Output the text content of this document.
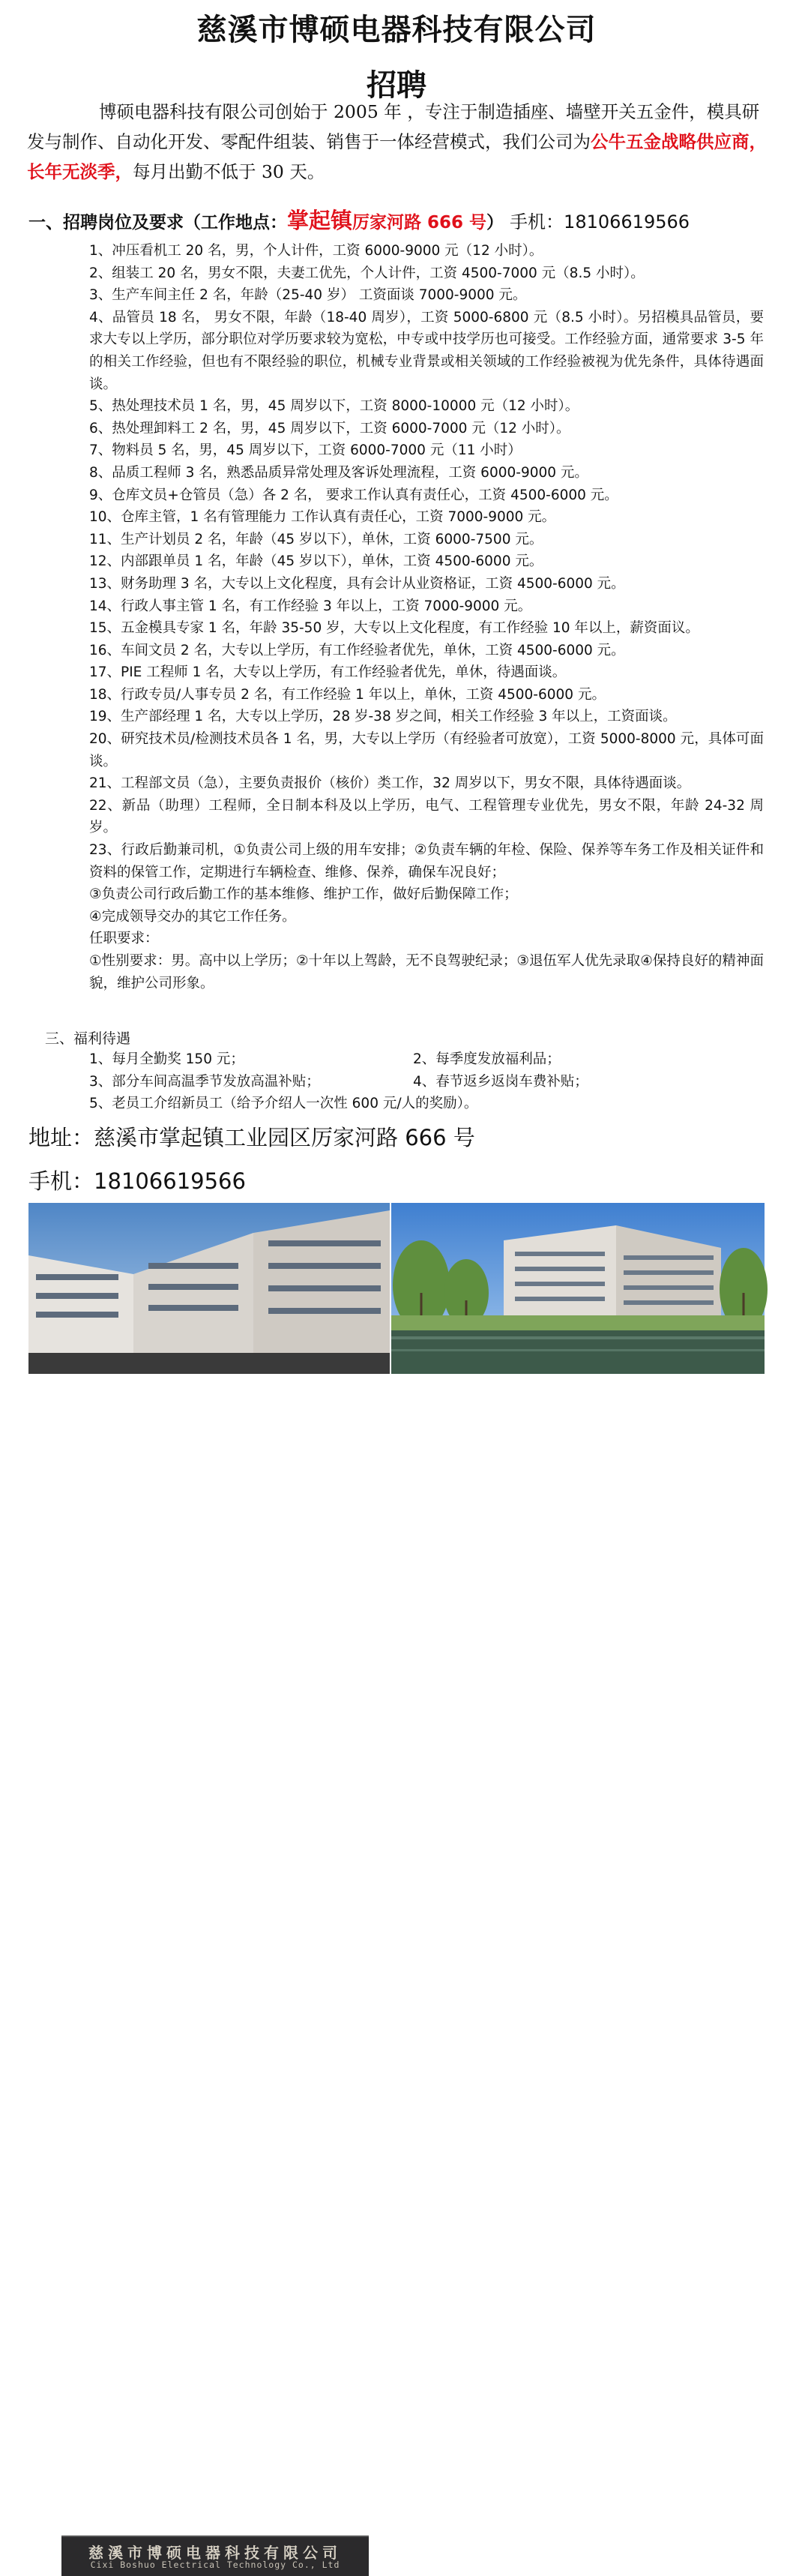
慈溪市博硕电器科技有限公司
招聘
博硕电器科技有限公司创始于 2005 年 ，专注于制造插座、墙壁开关五金件，模具研发与制作、自动化开发、零配件组装、销售于一体经营模式，我们公司为公牛五金战略供应商，长年无淡季，每月出勤不低于 30 天。
一、招聘岗位及要求（工作地点：掌起镇厉家河路 666 号） 手机：18106619566

1、冲压看机工 20 名，男，个人计件，工资 6000-9000 元（12 小时）。

2、组装工 20 名，男女不限，夫妻工优先，个人计件，工资 4500-7000 元（8.5 小时）。

3、生产车间主任 2 名，年龄（25-40 岁） 工资面谈 7000-9000 元。

4、品管员 18 名， 男女不限，年龄（18-40 周岁），工资 5000-6800 元（8.5 小时）。另招模具品管员，要求大专以上学历，部分职位对学历要求较为宽松，中专或中技学历也可接受。工作经验方面，通常要求 3-5 年的相关工作经验，但也有不限经验的职位，机械专业背景或相关领域的工作经验被视为优先条件，具体待遇面谈。

5、热处理技术员 1 名，男，45 周岁以下，工资 8000-10000 元（12 小时）。

6、热处理卸料工 2 名，男，45 周岁以下，工资 6000-7000 元（12 小时）。

7、物料员 5 名，男，45 周岁以下，工资 6000-7000 元（11 小时）

8、品质工程师 3 名，熟悉品质异常处理及客诉处理流程，工资 6000-9000 元。

9、仓库文员+仓管员（急）各 2 名， 要求工作认真有责任心，工资 4500-6000 元。

10、仓库主管，1 名有管理能力 工作认真有责任心，工资 7000-9000 元。

11、生产计划员 2 名，年龄（45 岁以下），单休，工资 6000-7500 元。

12、内部跟单员 1 名，年龄（45 岁以下），单休，工资 4500-6000 元。

13、财务助理 3 名，大专以上文化程度，具有会计从业资格证，工资 4500-6000 元。

14、行政人事主管 1 名，有工作经验 3 年以上，工资 7000-9000 元。

15、五金模具专家 1 名，年龄 35-50 岁，大专以上文化程度，有工作经验 10 年以上，薪资面议。

16、车间文员 2 名，大专以上学历，有工作经验者优先，单休，工资 4500-6000 元。

17、PIE 工程师 1 名，大专以上学历，有工作经验者优先，单休，待遇面谈。

18、行政专员/人事专员 2 名，有工作经验 1 年以上，单休，工资 4500-6000 元。

19、生产部经理 1 名，大专以上学历，28 岁-38 岁之间，相关工作经验 3 年以上，工资面谈。

20、研究技术员/检测技术员各 1 名，男，大专以上学历（有经验者可放宽），工资 5000-8000 元，具体可面谈。

21、工程部文员（急），主要负责报价（核价）类工作，32 周岁以下，男女不限，具体待遇面谈。

22、新品（助理）工程师，全日制本科及以上学历，电气、工程管理专业优先，男女不限，年龄 24-32 周岁。

23、行政后勤兼司机，①负责公司上级的用车安排；②负责车辆的年检、保险、保养等车务工作及相关证件和资料的保管工作，定期进行车辆检查、维修、保养，确保车况良好；

③负责公司行政后勤工作的基本维修、维护工作，做好后勤保障工作；

④完成领导交办的其它工作任务。

任职要求：

①性别要求：男。高中以上学历；②十年以上驾龄，无不良驾驶纪录；③退伍军人优先录取④保持良好的精神面貌，维护公司形象。

三、福利待遇
1、每月全勤奖 150 元；	2、每季度发放福利品；
3、部分车间高温季节发放高温补贴；	4、春节返乡返岗车费补贴；
5、老员工介绍新员工（给予介绍人一次性 600 元/人的奖励）。
地址：慈溪市掌起镇工业园区厉家河路 666 号
手机：18106619566
慈溪市博硕电器科技有限公司
Cixi Boshuo Electrical Technology Co., Ltd
